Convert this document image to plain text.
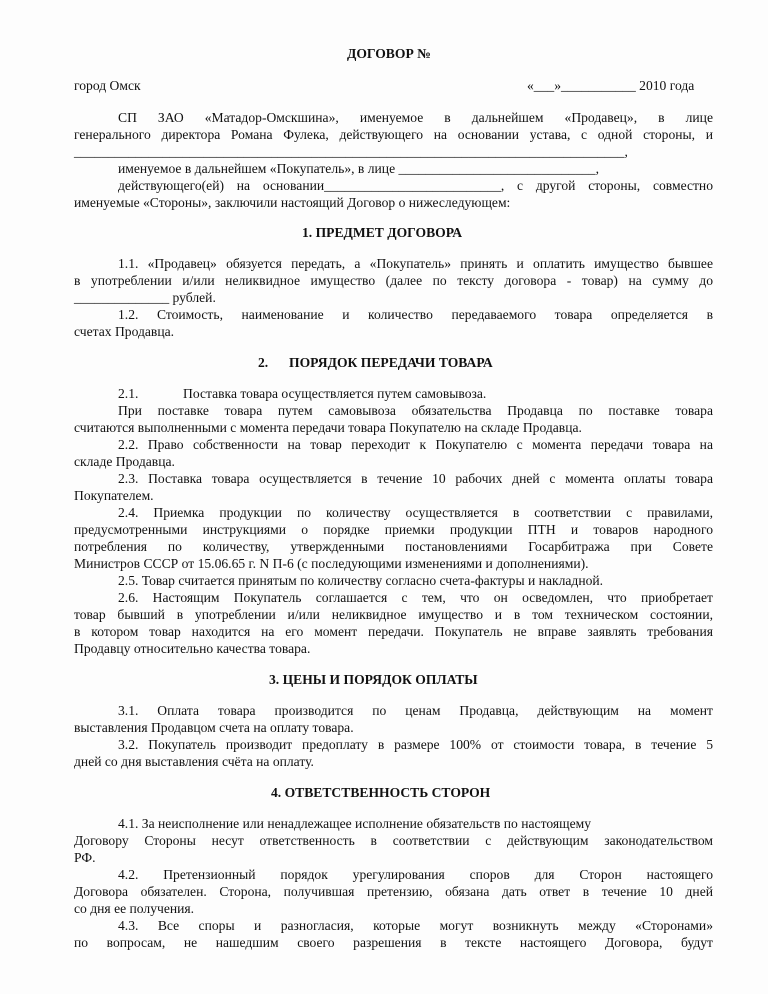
ДОГОВОР №
город Омск	«___»___________ 2010 года
СП ЗАО «Матадор-Омскшина», именуемое в дальнейшем «Продавец», в лице
генерального директора Романа Фулека, действующего на основании устава, с одной стороны, и
_________________________________________________________________________________,
именуемое в дальнейшем «Покупатель», в лице _____________________________,
действующего(ей) на основании__________________________, с другой стороны, совместно
именуемые «Стороны», заключили настоящий Договор о нижеследующем:
1. ПРЕДМЕТ ДОГОВОРА
1.1. «Продавец» обязуется передать, а «Покупатель» принять и оплатить имущество бывшее
в употреблении и/или неликвидное имущество (далее по тексту договора - товар) на сумму до
______________ рублей.
1.2. Стоимость, наименование и количество передаваемого товара определяется в
счетах Продавца.
2. ПОРЯДОК ПЕРЕДАЧИ ТОВАРА
2.1.	Поставка товара осуществляется путем самовывоза.
При поставке товара путем самовывоза обязательства Продавца по поставке товара
считаются выполненными с момента передачи товара Покупателю на складе Продавца.
2.2. Право собственности на товар переходит к Покупателю с момента передачи товара на
складе Продавца.
2.3. Поставка товара осуществляется в течение 10 рабочих дней с момента оплаты товара
Покупателем.
2.4. Приемка продукции по количеству осуществляется в соответствии с правилами,
предусмотренными инструкциями о порядке приемки продукции ПТН и товаров народного
потребления по количеству, утвержденными постановлениями Госарбитража при Совете
Министров СССР от 15.06.65 г. N П-6 (с последующими изменениями и дополнениями).
2.5. Товар считается принятым по количеству согласно счета-фактуры и накладной.
2.6. Настоящим Покупатель соглашается с тем, что он осведомлен, что приобретает
товар бывший в употреблении и/или неликвидное имущество и в том техническом состоянии,
в котором товар находится на его момент передачи. Покупатель не вправе заявлять требования
Продавцу относительно качества товара.
3. ЦЕНЫ И ПОРЯДОК ОПЛАТЫ
3.1. Оплата товара производится по ценам Продавца, действующим на момент
выставления Продавцом счета на оплату товара.
3.2. Покупатель производит предоплату в размере 100% от стоимости товара, в течение 5
дней со дня выставления счёта на оплату.
4. ОТВЕТСТВЕННОСТЬ СТОРОН
4.1. За неисполнение или ненадлежащее исполнение обязательств по настоящему
Договору Стороны несут ответственность в соответствии с действующим законодательством
РФ.
4.2. Претензионный порядок урегулирования споров для Сторон настоящего
Договора обязателен. Сторона, получившая претензию, обязана дать ответ в течение 10 дней
со дня ее получения.
4.3. Все споры и разногласия, которые могут возникнуть между «Сторонами»
по вопросам, не нашедшим своего разрешения в тексте настоящего Договора, будут
